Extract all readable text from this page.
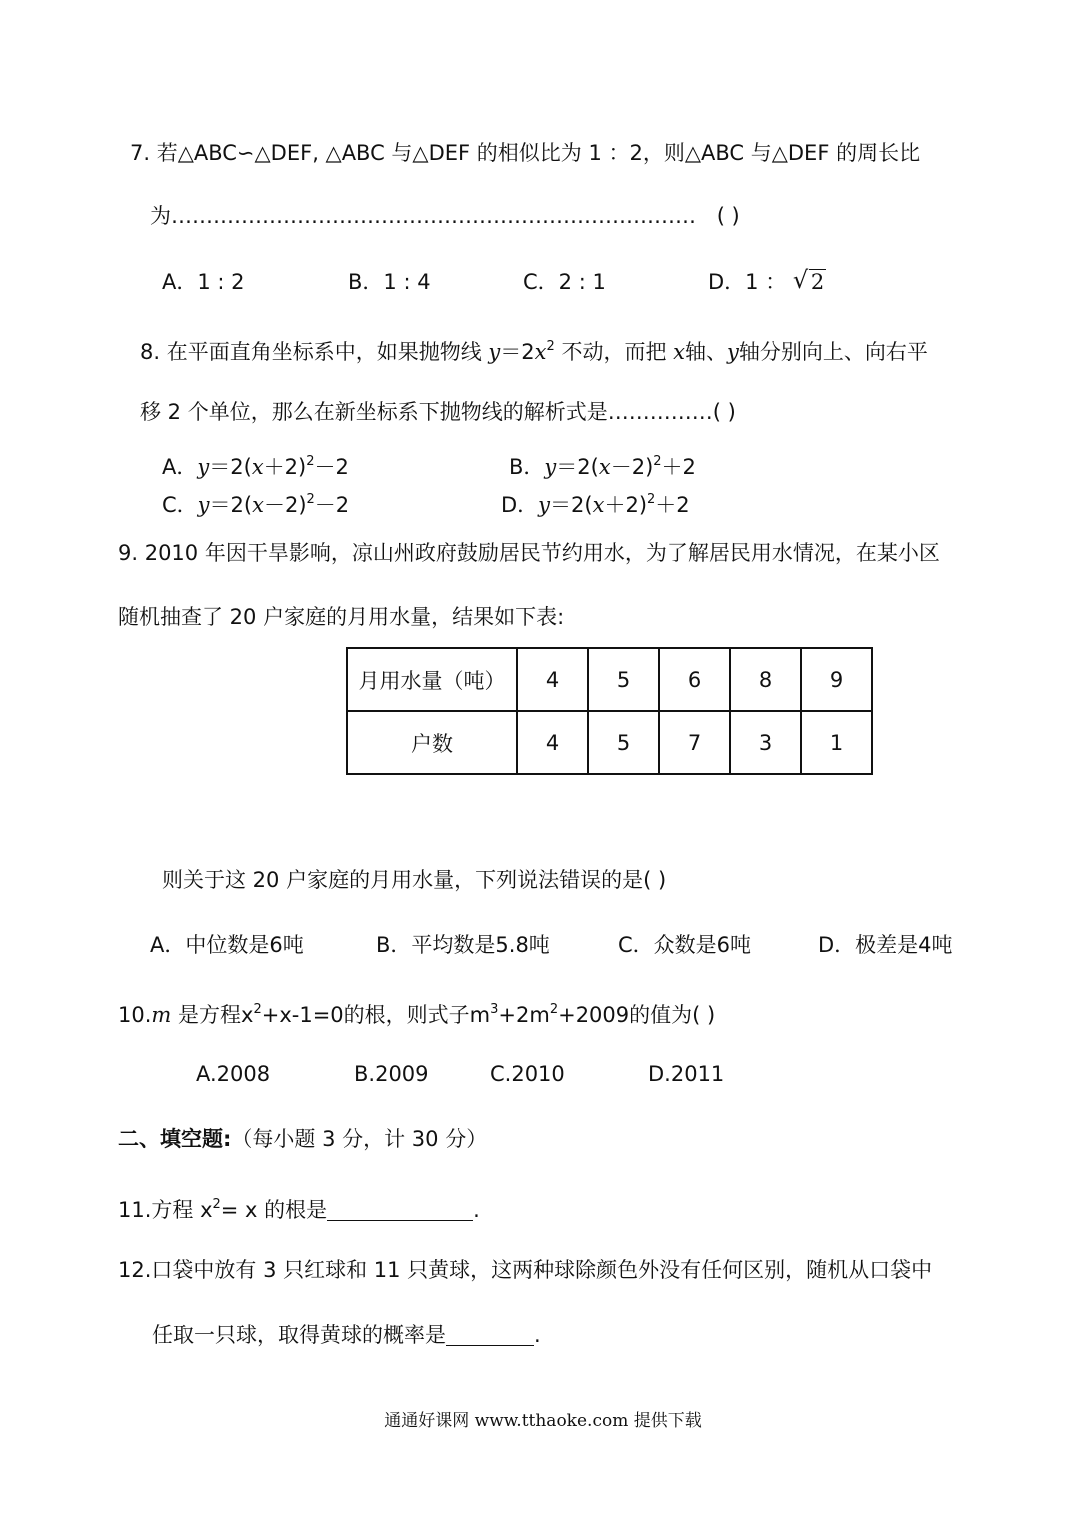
7. 若△ABC∽△DEF, △ABC 与△DEF 的相似比为 1 ：2，则△ABC 与△DEF 的周长比
为………………………………………………………………… ( )
A．1 : 2	B．1 : 4	C．2 : 1	D．1 ： √ 2
8. 在平面直角坐标系中，如果抛物线 $y=2x^2$ 不动，而把 x轴、y轴分别向上、向右平
移 2 个单位，那么在新坐标系下抛物线的解析式是……………( )
A．$y=2(x+2)^2-2$	B．$y=2(x-2)^2+2$
C．$y=2(x-2)^2-2$	D．$y=2(x+2)^2+2$
9. 2010 年因干旱影响，凉山州政府鼓励居民节约用水，为了解居民用水情况，在某小区
随机抽查了 20 户家庭的月用水量，结果如下表:
月用水量（吨）	4	5	6	8	9
户数	4	5	7	3	1
则关于这 20 户家庭的月用水量，下列说法错误的是( )
A．中位数是6吨	B．平均数是5.8吨	C．众数是6吨	D．极差是4吨
10.m 是方程$x^2+x-1=0$的根，则式子$m^3+2m^2+2009$的值为( )
A.2008	B.2009	C.2010	D.2011
二、填空题:（每小题 3 分，计 30 分）
11.方程 $x^2= x$ 的根是	.
12.口袋中放有 3 只红球和 11 只黄球，这两种球除颜色外没有任何区别，随机从口袋中
任取一只球，取得黄球的概率是	.
通通好课网 www.tthaoke.com 提供下载
